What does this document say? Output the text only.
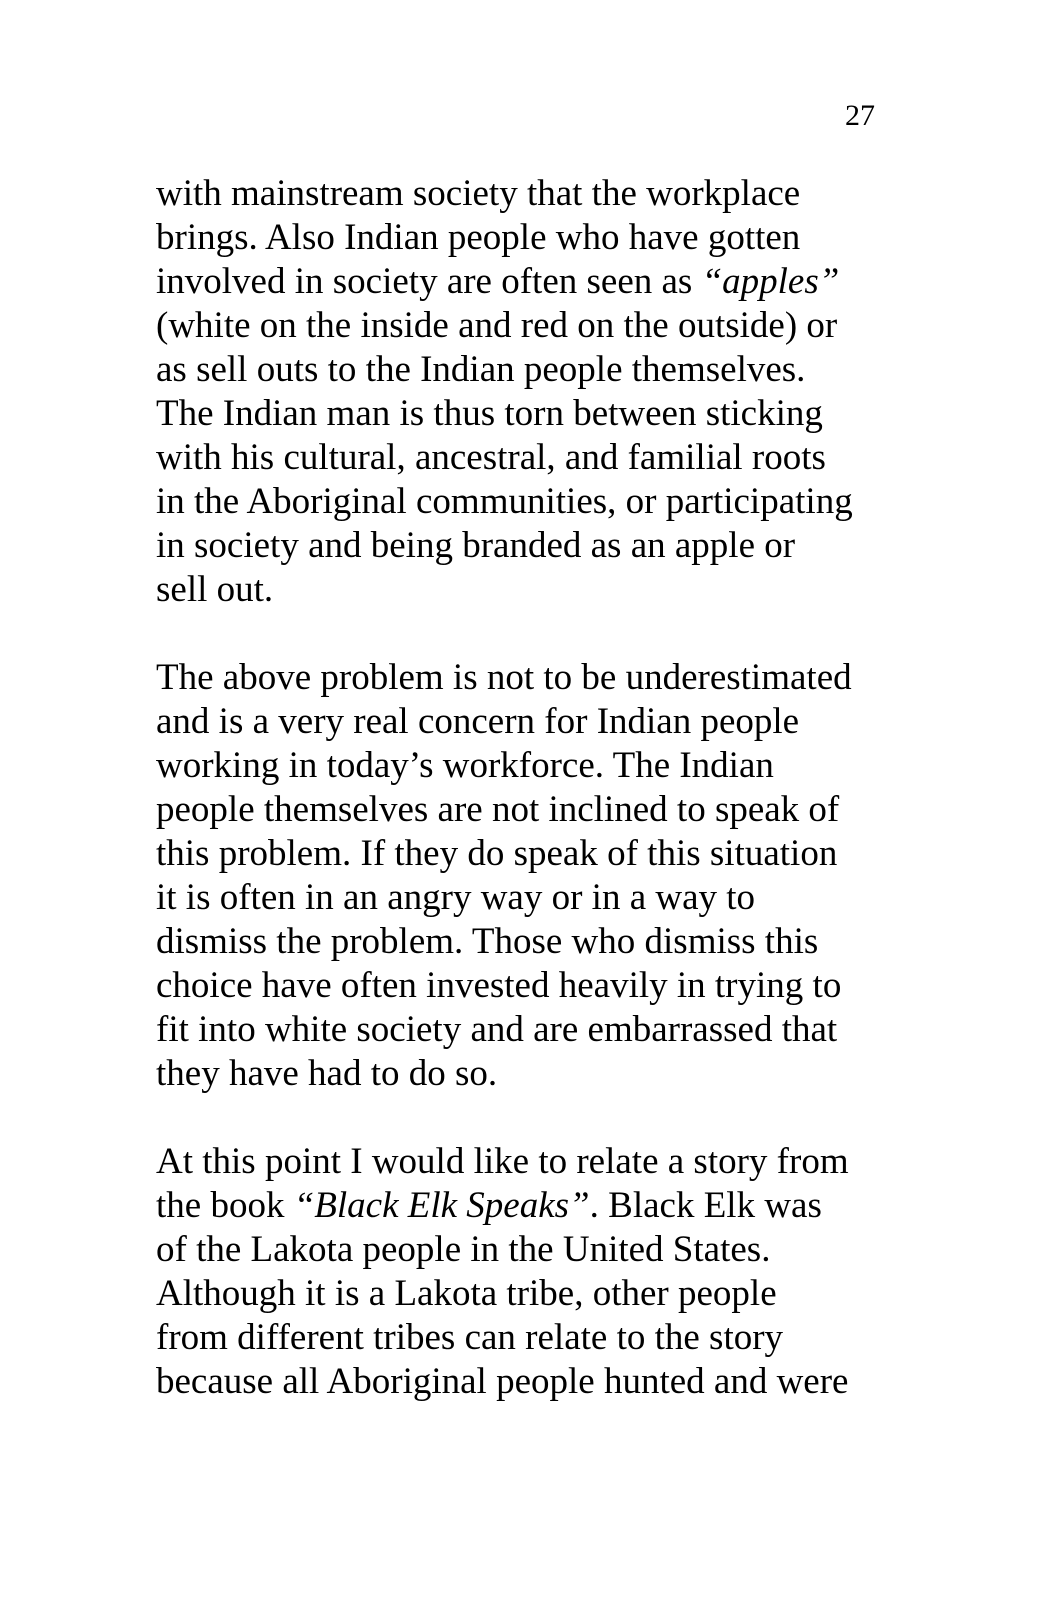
27

with mainstream society that the workplace
brings. Also Indian people who have gotten
involved in society are often seen as “apples”
(white on the inside and red on the outside) or
as sell outs to the Indian people themselves.
The Indian man is thus torn between sticking
with his cultural, ancestral, and familial roots
in the Aboriginal communities, or participating
in society and being branded as an apple or
sell out.

The above problem is not to be underestimated
and is a very real concern for Indian people
working in today’s workforce. The Indian
people themselves are not inclined to speak of
this problem. If they do speak of this situation
it is often in an angry way or in a way to
dismiss the problem. Those who dismiss this
choice have often invested heavily in trying to
fit into white society and are embarrassed that
they have had to do so.

At this point I would like to relate a story from
the book “Black Elk Speaks”. Black Elk was
of the Lakota people in the United States.
Although it is a Lakota tribe, other people
from different tribes can relate to the story
because all Aboriginal people hunted and were
